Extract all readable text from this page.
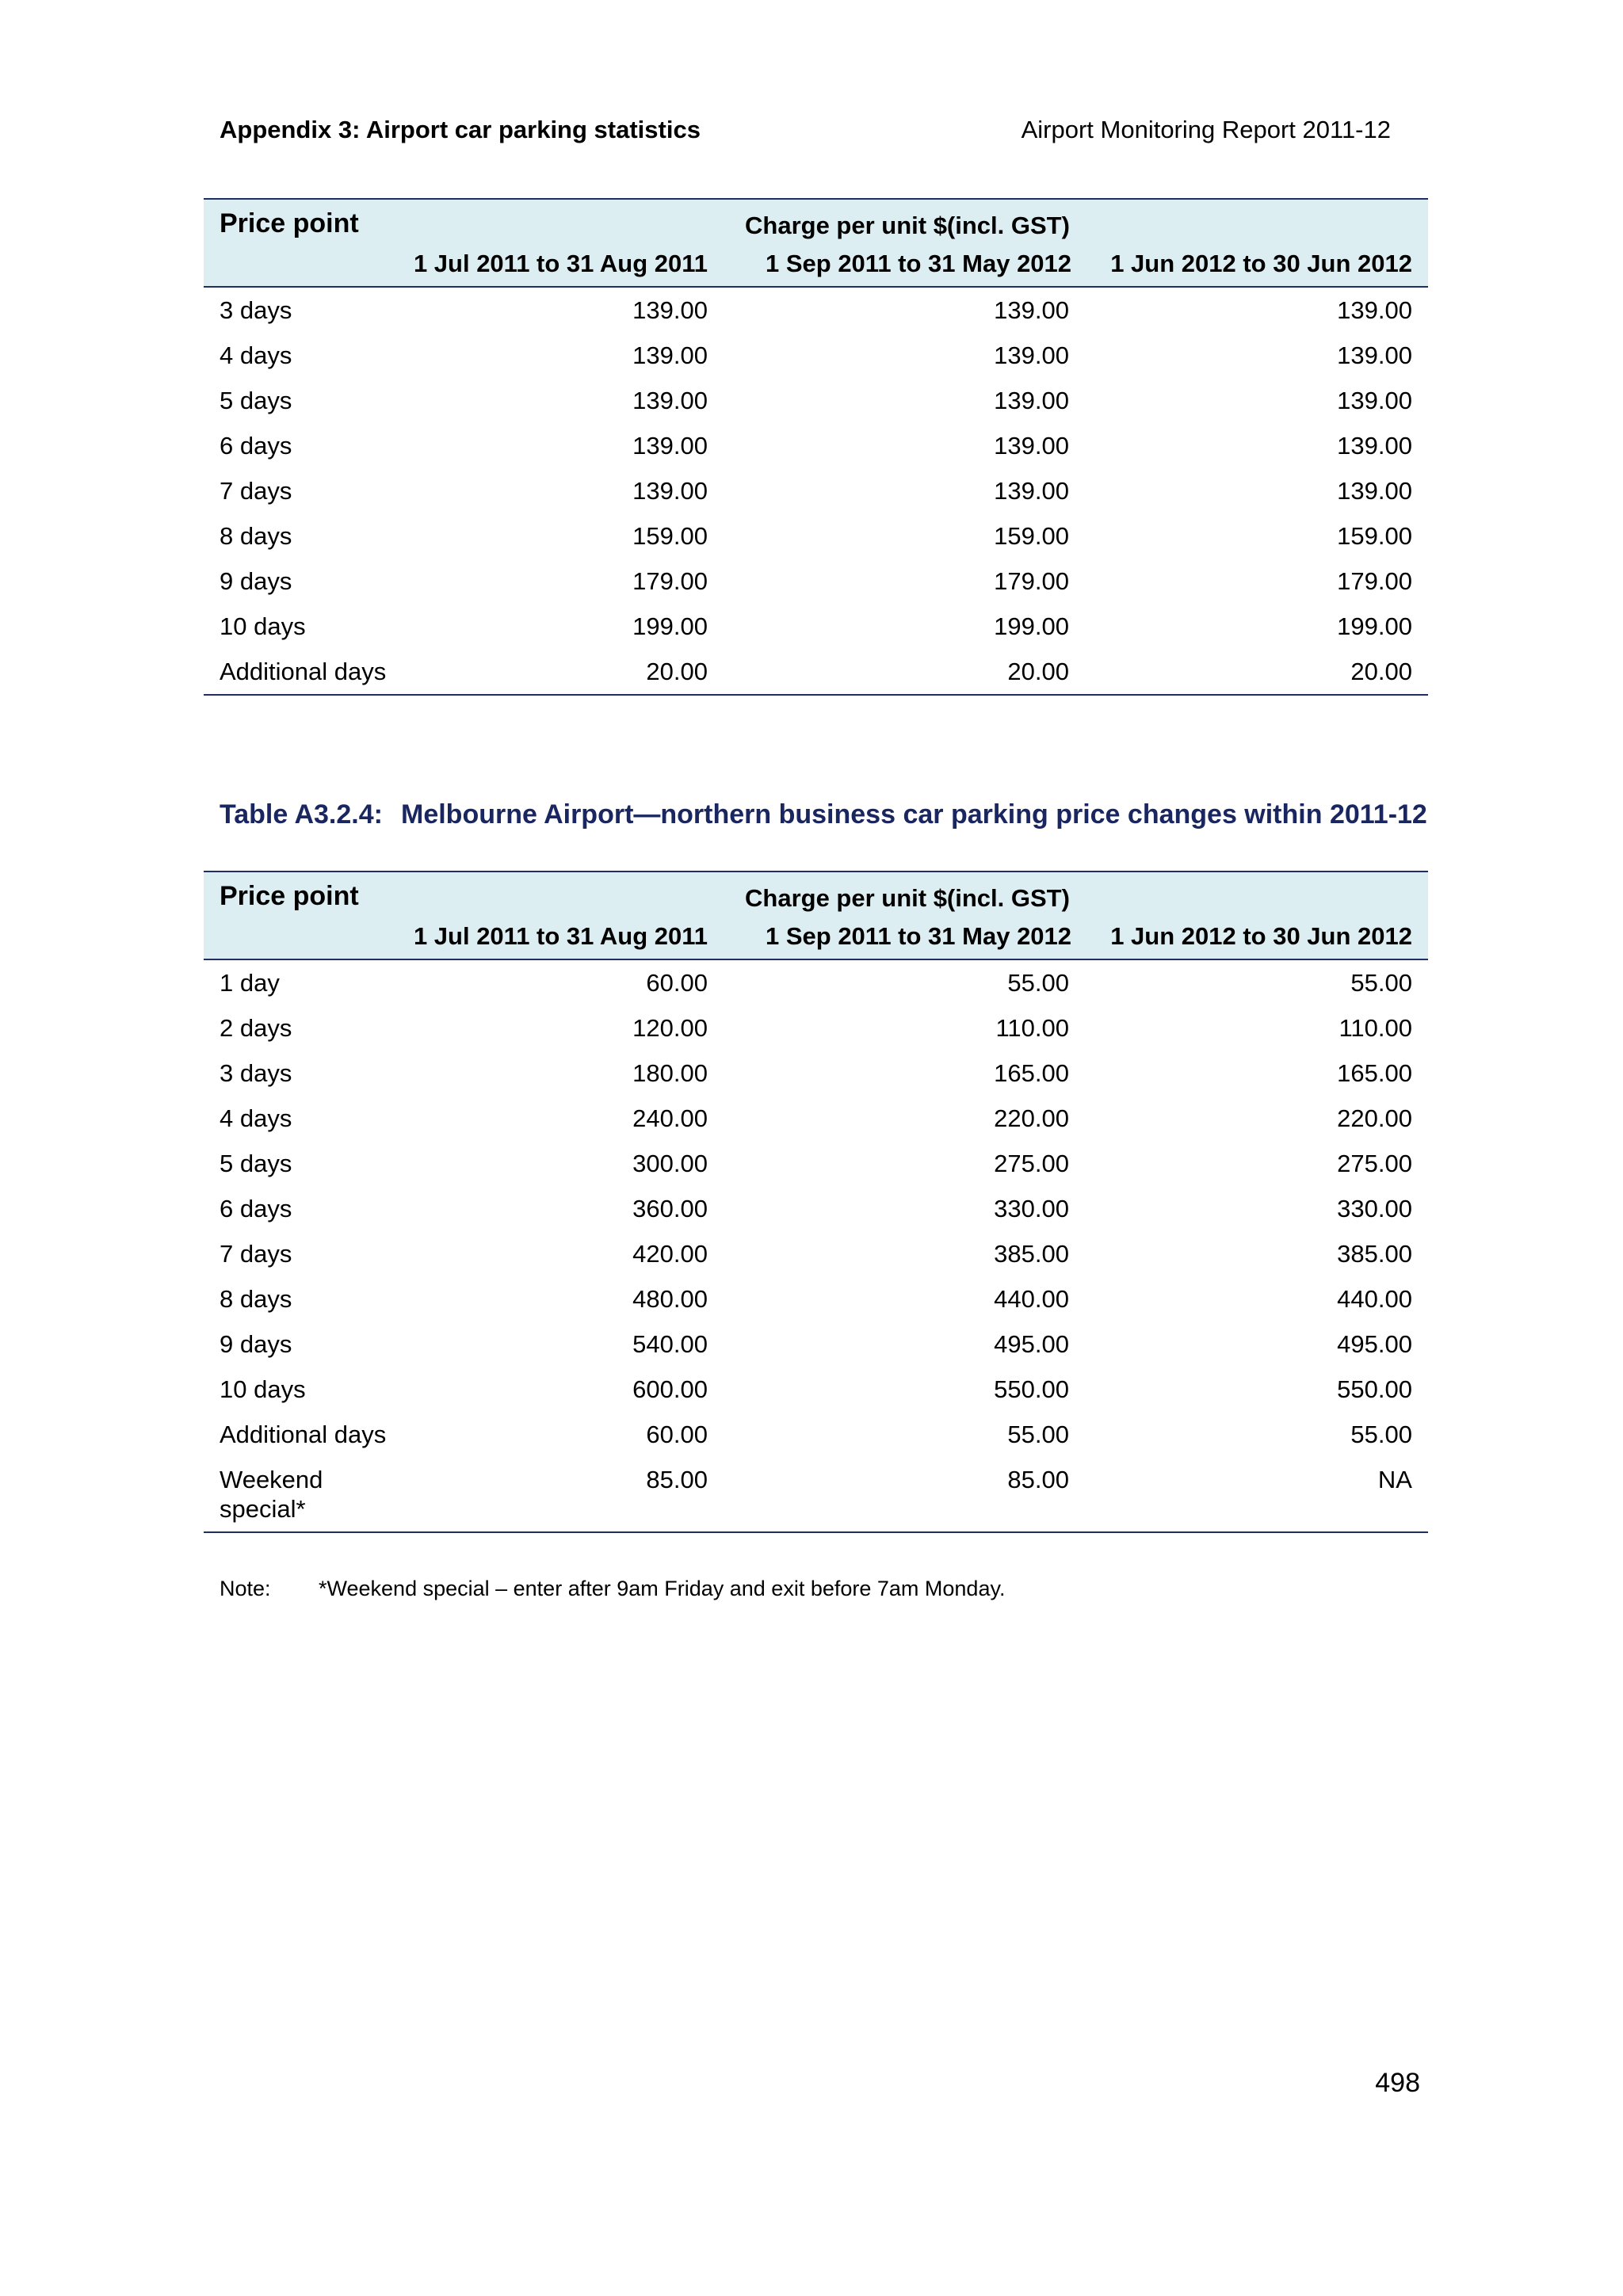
Appendix 3: Airport car parking statistics	Airport Monitoring Report 2011-12
Price point	Charge per unit $(incl. GST)		
	1 Jul 2011 to 31 Aug 2011	1 Sep 2011 to 31 May 2012	1 Jun 2012 to 30 Jun 2012
3 days	139.00	139.00	139.00
4 days	139.00	139.00	139.00
5 days	139.00	139.00	139.00
6 days	139.00	139.00	139.00
7 days	139.00	139.00	139.00
8 days	159.00	159.00	159.00
9 days	179.00	179.00	179.00
10 days	199.00	199.00	199.00
Additional days	20.00	20.00	20.00
Table A3.2.4: Melbourne Airport—northern business car parking price changes within 2011-12
Price point	Charge per unit $(incl. GST)		
	1 Jul 2011 to 31 Aug 2011	1 Sep 2011 to 31 May 2012	1 Jun 2012 to 30 Jun 2012
1 day	60.00	55.00	55.00
2 days	120.00	110.00	110.00
3 days	180.00	165.00	165.00
4 days	240.00	220.00	220.00
5 days	300.00	275.00	275.00
6 days	360.00	330.00	330.00
7 days	420.00	385.00	385.00
8 days	480.00	440.00	440.00
9 days	540.00	495.00	495.00
10 days	600.00	550.00	550.00
Additional days	60.00	55.00	55.00
Weekend special*	85.00	85.00	NA
Note: *Weekend special – enter after 9am Friday and exit before 7am Monday.
498
